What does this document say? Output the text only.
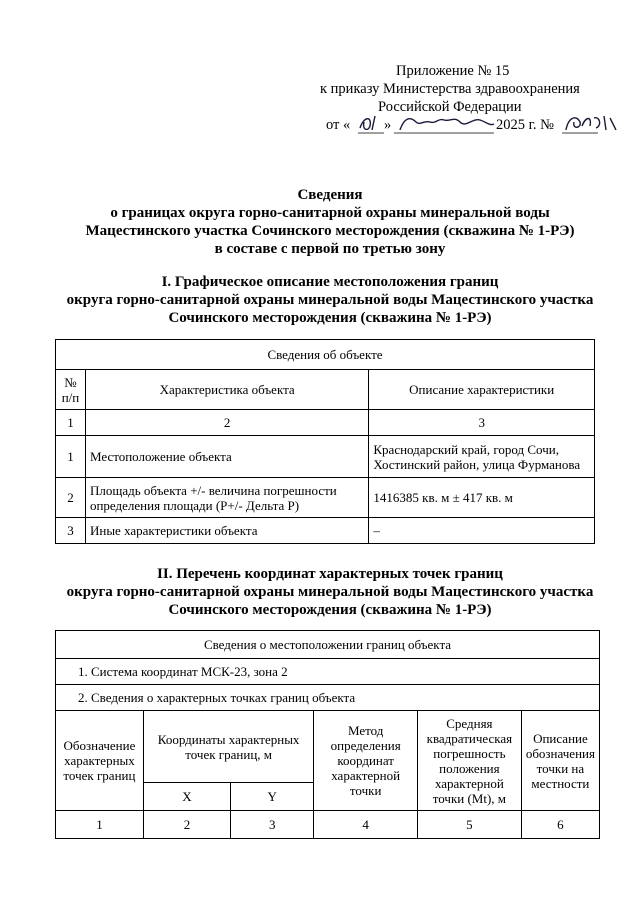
Приложение № 15
к приказу Министерства здравоохранения
Российской Федерации
от « »	2025 г. №
Сведения
о границах округа горно-санитарной охраны минеральной воды
Мацестинского участка Сочинского месторождения (скважина № 1-РЭ)
в составе с первой по третью зону
I. Графическое описание местоположения границ
округа горно-санитарной охраны минеральной воды Мацестинского участка
Сочинского месторождения (скважина № 1-РЭ)
Сведения об объекте		
№ п/п	Характеристика объекта	Описание характеристики
1	2	3
1	Местоположение объекта	Краснодарский край, город Сочи, Хостинский район, улица Фурманова
2	Площадь объекта +/- величина погрешности определения площади (P+/- Дельта P)	1416385 кв. м ± 417 кв. м
3	Иные характеристики объекта	–
II. Перечень координат характерных точек границ
округа горно-санитарной охраны минеральной воды Мацестинского участка
Сочинского месторождения (скважина № 1-РЭ)
Сведения о местоположении границ объекта					
1. Система координат МСК-23, зона 2					
2. Сведения о характерных точках границ объекта					
Обозначение характерных точек границ	Координаты характерных точек границ, м		Метод определения координат характерной точки	Средняя квадратическая погрешность положения характерной точки (Mt), м	Описание обозначения точки на местности
	X	Y			
1	2	3	4	5	6
